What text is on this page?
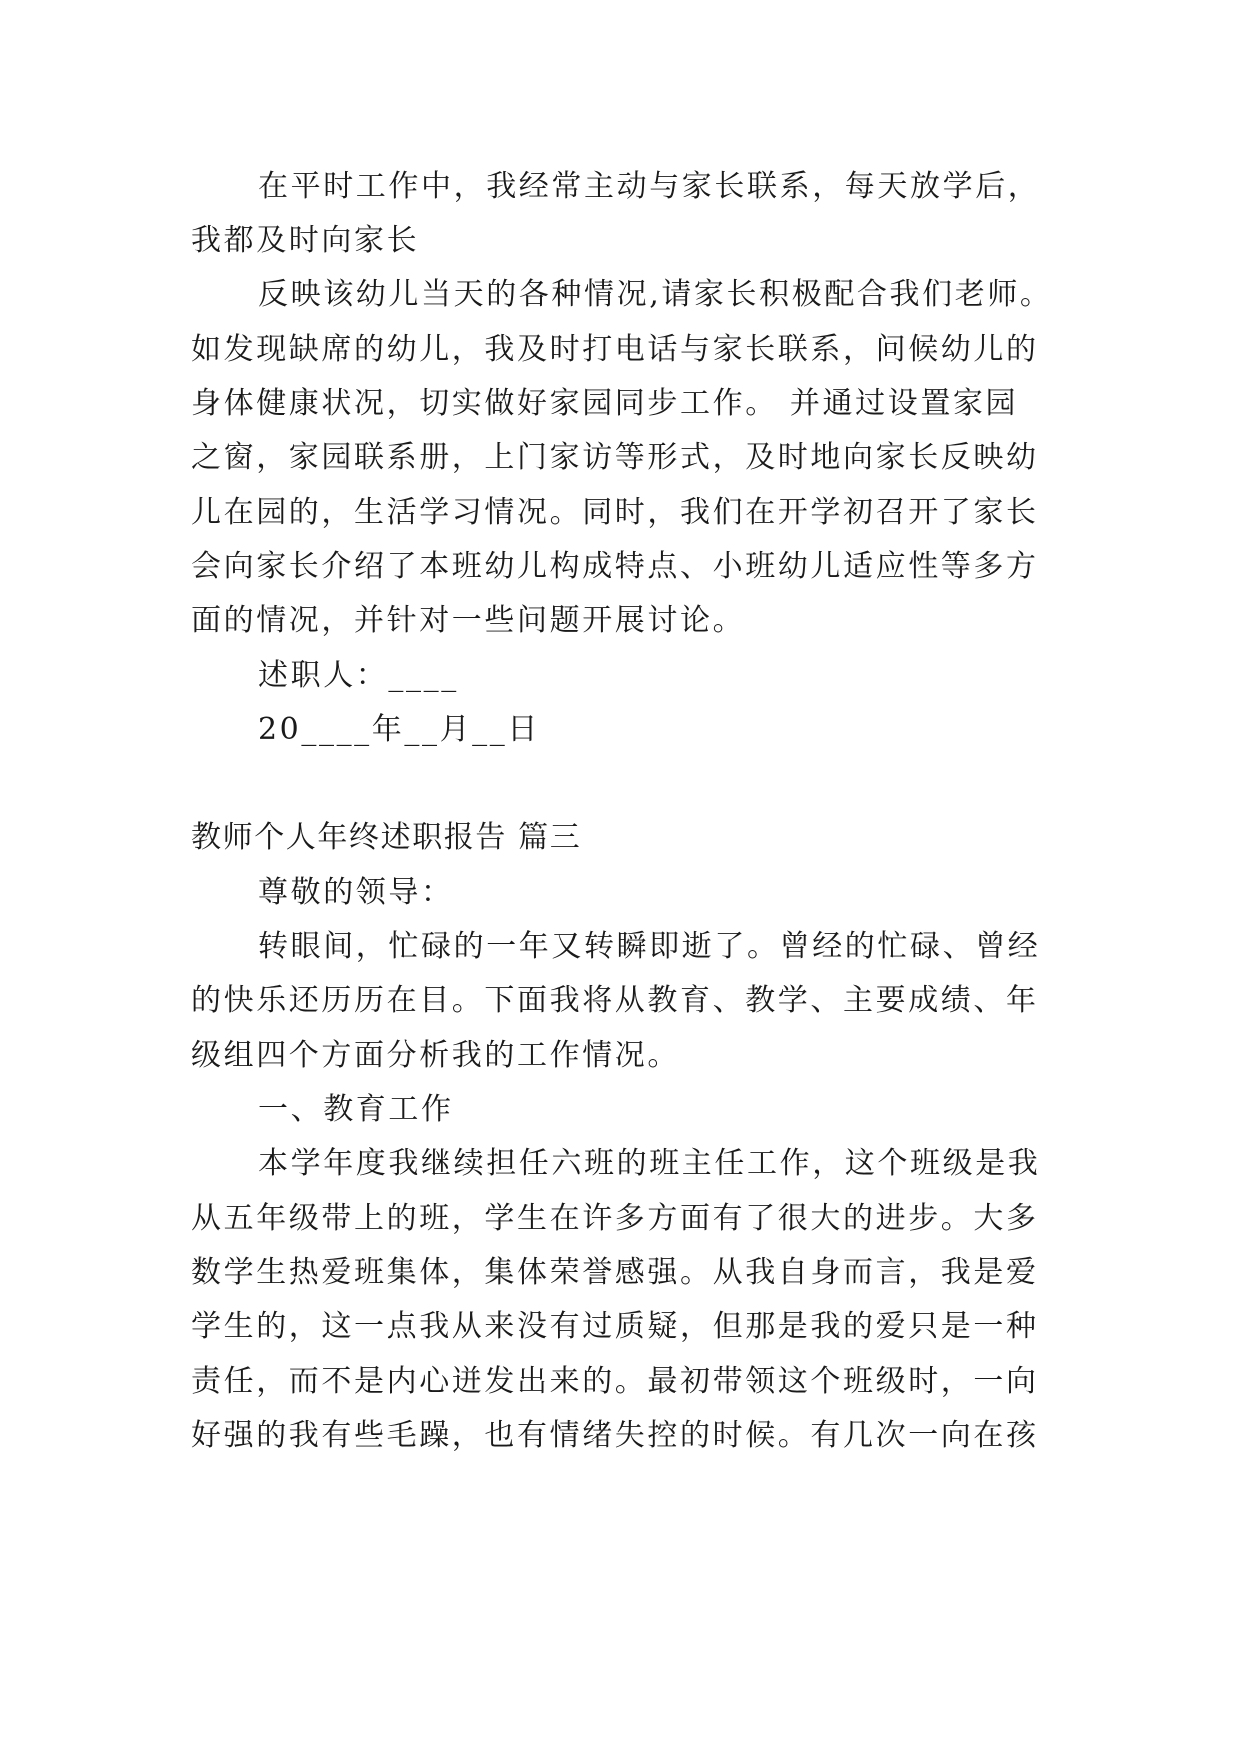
在平时工作中，我经常主动与家长联系，每天放学后，
我都及时向家长
反映该幼儿当天的各种情况,请家长积极配合我们老师。
如发现缺席的幼儿，我及时打电话与家长联系，问候幼儿的
身体健康状况，切实做好家园同步工作。 并通过设置家园
之窗，家园联系册，上门家访等形式，及时地向家长反映幼
儿在园的，生活学习情况。同时，我们在开学初召开了家长
会向家长介绍了本班幼儿构成特点、小班幼儿适应性等多方
面的情况，并针对一些问题开展讨论。
述职人：____
20____年__月__日
教师个人年终述职报告 篇三
尊敬的领导：
转眼间，忙碌的一年又转瞬即逝了。曾经的忙碌、曾经
的快乐还历历在目。下面我将从教育、教学、主要成绩、年
级组四个方面分析我的工作情况。
一、教育工作
本学年度我继续担任六班的班主任工作，这个班级是我
从五年级带上的班，学生在许多方面有了很大的进步。大多
数学生热爱班集体，集体荣誉感强。从我自身而言，我是爱
学生的，这一点我从来没有过质疑，但那是我的爱只是一种
责任，而不是内心迸发出来的。最初带领这个班级时，一向
好强的我有些毛躁，也有情绪失控的时候。有几次一向在孩
